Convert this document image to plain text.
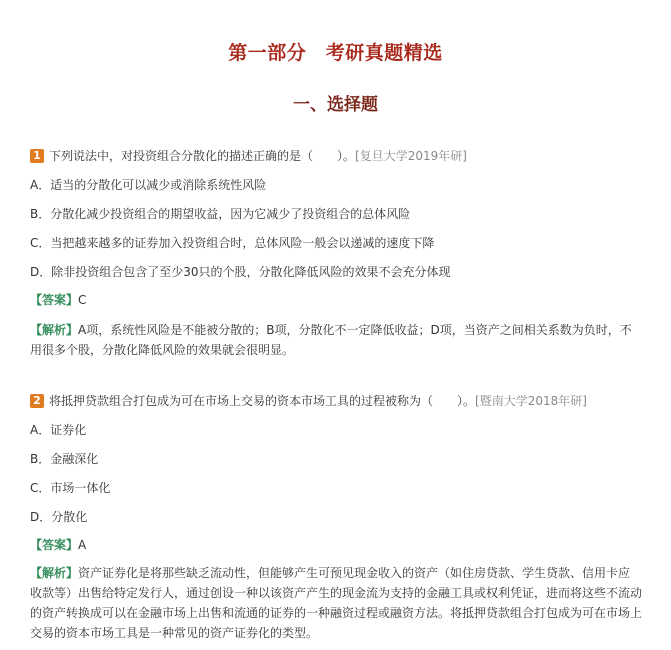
第一部分　考研真题精选
一、选择题
1 下列说法中，对投资组合分散化的描述正确的是（　　）。 [复旦大学2019年研]
A．适当的分散化可以减少或消除系统性风险
B．分散化减少投资组合的期望收益，因为它减少了投资组合的总体风险
C．当把越来越多的证券加入投资组合时，总体风险一般会以递减的速度下降
D．除非投资组合包含了至少30只的个股，分散化降低风险的效果不会充分体现
【答案】C
【解析】A项，系统性风险是不能被分散的；B项，分散化不一定降低收益；D项，当资产之间相关系数为负时，不用很多个股，分散化降低风险的效果就会很明显。
2 将抵押贷款组合打包成为可在市场上交易的资本市场工具的过程被称为（　　）。 [暨南大学2018年研]
A．证券化
B．金融深化
C．市场一体化
D．分散化
【答案】A
【解析】资产证券化是将那些缺乏流动性，但能够产生可预见现金收入的资产（如住房贷款、学生贷款、信用卡应收款等）出售给特定发行人，通过创设一种以该资产产生的现金流为支持的金融工具或权利凭证，进而将这些不流动的资产转换成可以在金融市场上出售和流通的证券的一种融资过程或融资方法。将抵押贷款组合打包成为可在市场上交易的资本市场工具是一种常见的资产证券化的类型。
